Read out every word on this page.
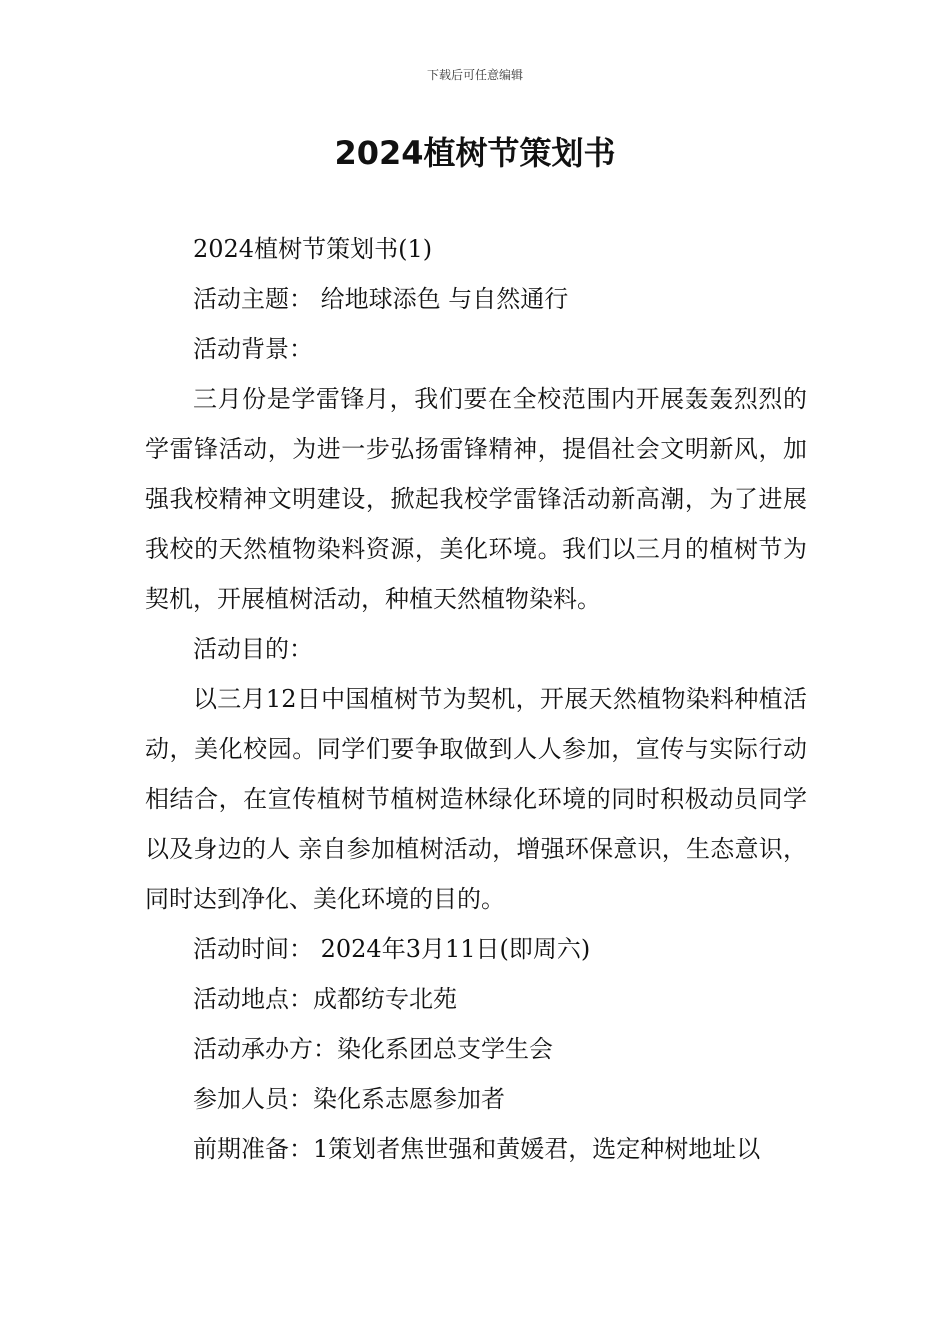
下载后可任意编辑
2024植树节策划书

2024植树节策划书(1)

活动主题： 给地球添色 与自然通行

活动背景：

三月份是学雷锋月，我们要在全校范围内开展轰轰烈烈的学雷锋活动，为进一步弘扬雷锋精神，提倡社会文明新风，加强我校精神文明建设，掀起我校学雷锋活动新高潮，为了进展我校的天然植物染料资源，美化环境。我们以三月的植树节为契机，开展植树活动，种植天然植物染料。

活动目的：

以三月12日中国植树节为契机，开展天然植物染料种植活动，美化校园。同学们要争取做到人人参加，宣传与实际行动相结合，在宣传植树节植树造林绿化环境的同时积极动员同学以及身边的人 亲自参加植树活动，增强环保意识，生态意识，同时达到净化、美化环境的目的。

活动时间： 2024年3月11日(即周六)

活动地点：成都纺专北苑

活动承办方：染化系团总支学生会

参加人员：染化系志愿参加者

前期准备：1策划者焦世强和黄媛君，选定种树地址以
